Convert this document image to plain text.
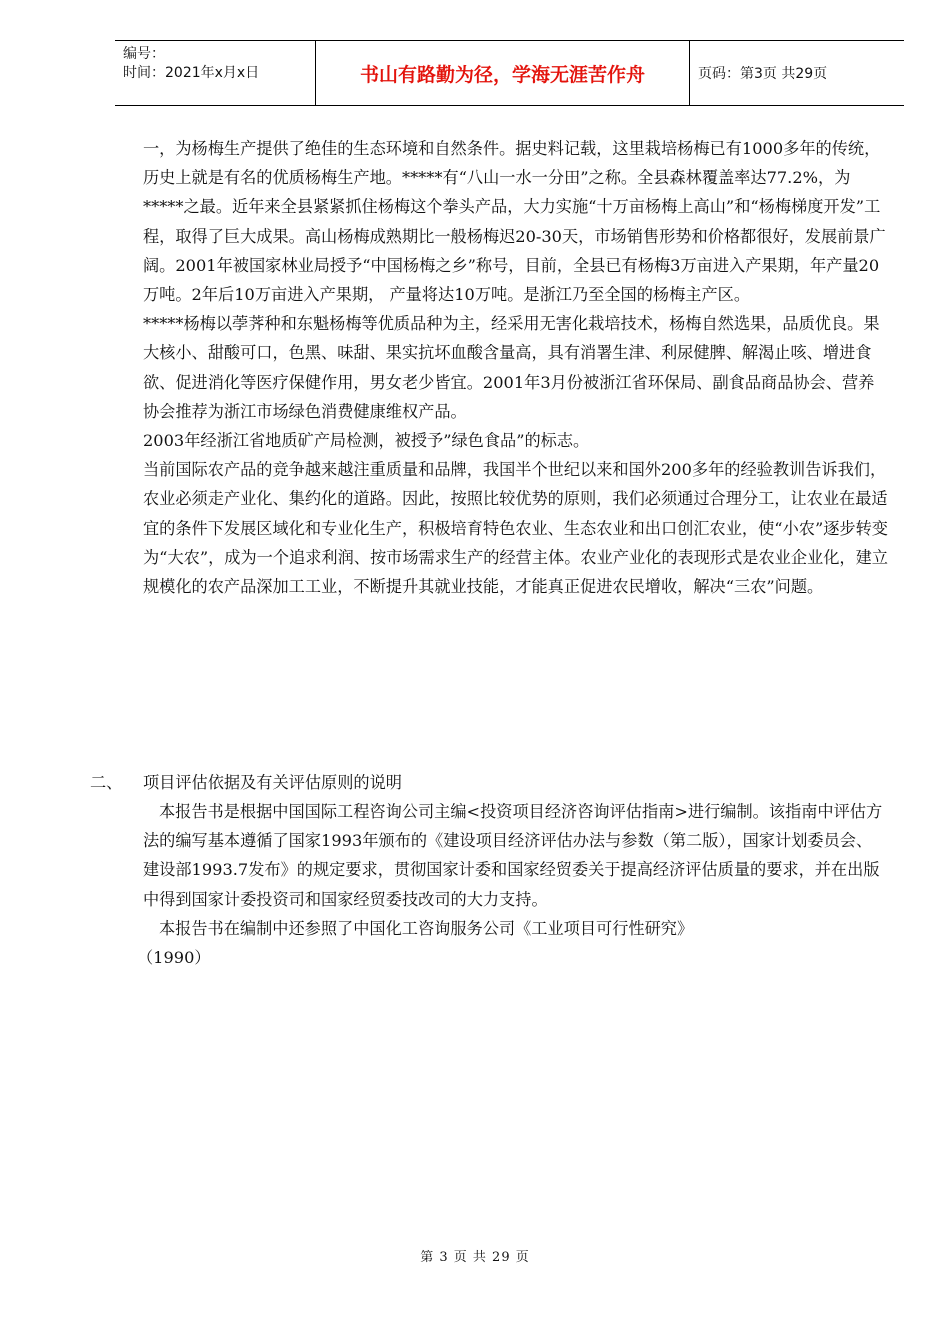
编号：
时间：2021年x月x日	书山有路勤为径，学海无涯苦作舟	页码：第3页 共29页

一，为杨梅生产提供了绝佳的生态环境和自然条件。据史料记载，这里栽培杨梅已有1000多年的传统，历史上就是有名的优质杨梅生产地。*****有“八山一水一分田”之称。全县森林覆盖率达77.2%，为*****之最。近年来全县紧紧抓住杨梅这个拳头产品，大力实施“十万亩杨梅上高山”和“杨梅梯度开发”工程，取得了巨大成果。高山杨梅成熟期比一般杨梅迟20-30天，市场销售形势和价格都很好，发展前景广阔。2001年被国家林业局授予“中国杨梅之乡”称号，目前，全县已有杨梅3万亩进入产果期，年产量20万吨。2年后10万亩进入产果期， 产量将达10万吨。是浙江乃至全国的杨梅主产区。

*****杨梅以荸荠种和东魁杨梅等优质品种为主，经采用无害化栽培技术，杨梅自然选果，品质优良。果大核小、甜酸可口，色黑、味甜、果实抗坏血酸含量高，具有消署生津、利尿健脾、解渴止咳、增进食欲、促进消化等医疗保健作用，男女老少皆宜。2001年3月份被浙江省环保局、副食品商品协会、营养协会推荐为浙江市场绿色消费健康维权产品。

2003年经浙江省地质矿产局检测，被授予”绿色食品”的标志。

当前国际农产品的竞争越来越注重质量和品牌，我国半个世纪以来和国外200多年的经验教训告诉我们，农业必须走产业化、集约化的道路。因此，按照比较优势的原则，我们必须通过合理分工，让农业在最适宜的条件下发展区域化和专业化生产，积极培育特色农业、生态农业和出口创汇农业，使“小农”逐步转变为“大农”，成为一个追求利润、按市场需求生产的经营主体。农业产业化的表现形式是农业企业化，建立规模化的农产品深加工工业，不断提升其就业技能，才能真正促进农民增收，解决“三农”问题。

二、	项目评估依据及有关评估原则的说明

本报告书是根据中国国际工程咨询公司主编<投资项目经济咨询评估指南>进行编制。该指南中评估方法的编写基本遵循了国家1993年颁布的《建设项目经济评估办法与参数（第二版），国家计划委员会、建设部1993.7发布》的规定要求，贯彻国家计委和国家经贸委关于提高经济评估质量的要求，并在出版中得到国家计委投资司和国家经贸委技改司的大力支持。

本报告书在编制中还参照了中国化工咨询服务公司《工业项目可行性研究》

（1990）

第 3 页 共 29 页
